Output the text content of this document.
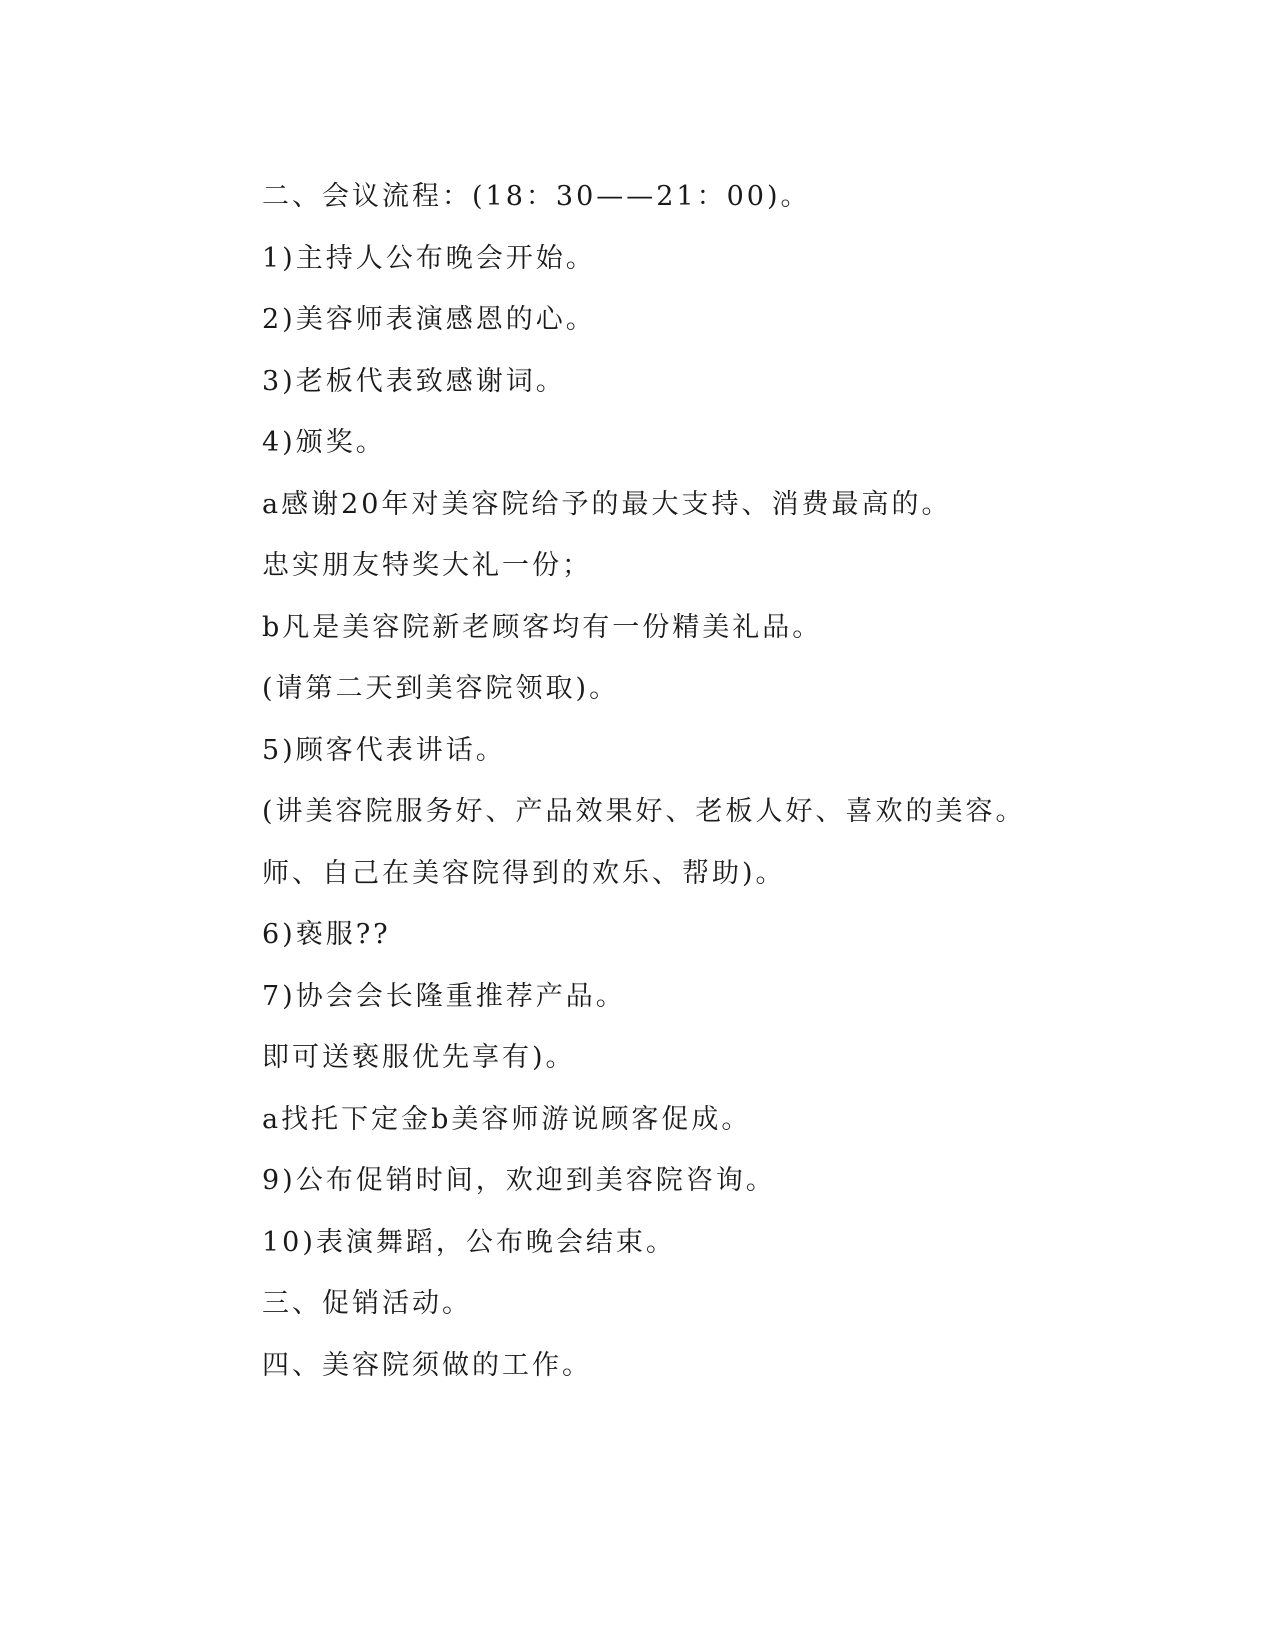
二、会议流程：(18：30——21：00)。
1)主持人公布晚会开始。
2)美容师表演感恩的心。
3)老板代表致感谢词。
4)颁奖。
a感谢20年对美容院给予的最大支持、消费最高的。
忠实朋友特奖大礼一份；
b凡是美容院新老顾客均有一份精美礼品。
(请第二天到美容院领取)。
5)顾客代表讲话。
(讲美容院服务好、产品效果好、老板人好、喜欢的美容。
师、自己在美容院得到的欢乐、帮助)。
6)亵服??
7)协会会长隆重推荐产品。
即可送亵服优先享有)。
a找托下定金b美容师游说顾客促成。
9)公布促销时间，欢迎到美容院咨询。
10)表演舞蹈，公布晚会结束。
三、促销活动。
四、美容院须做的工作。
